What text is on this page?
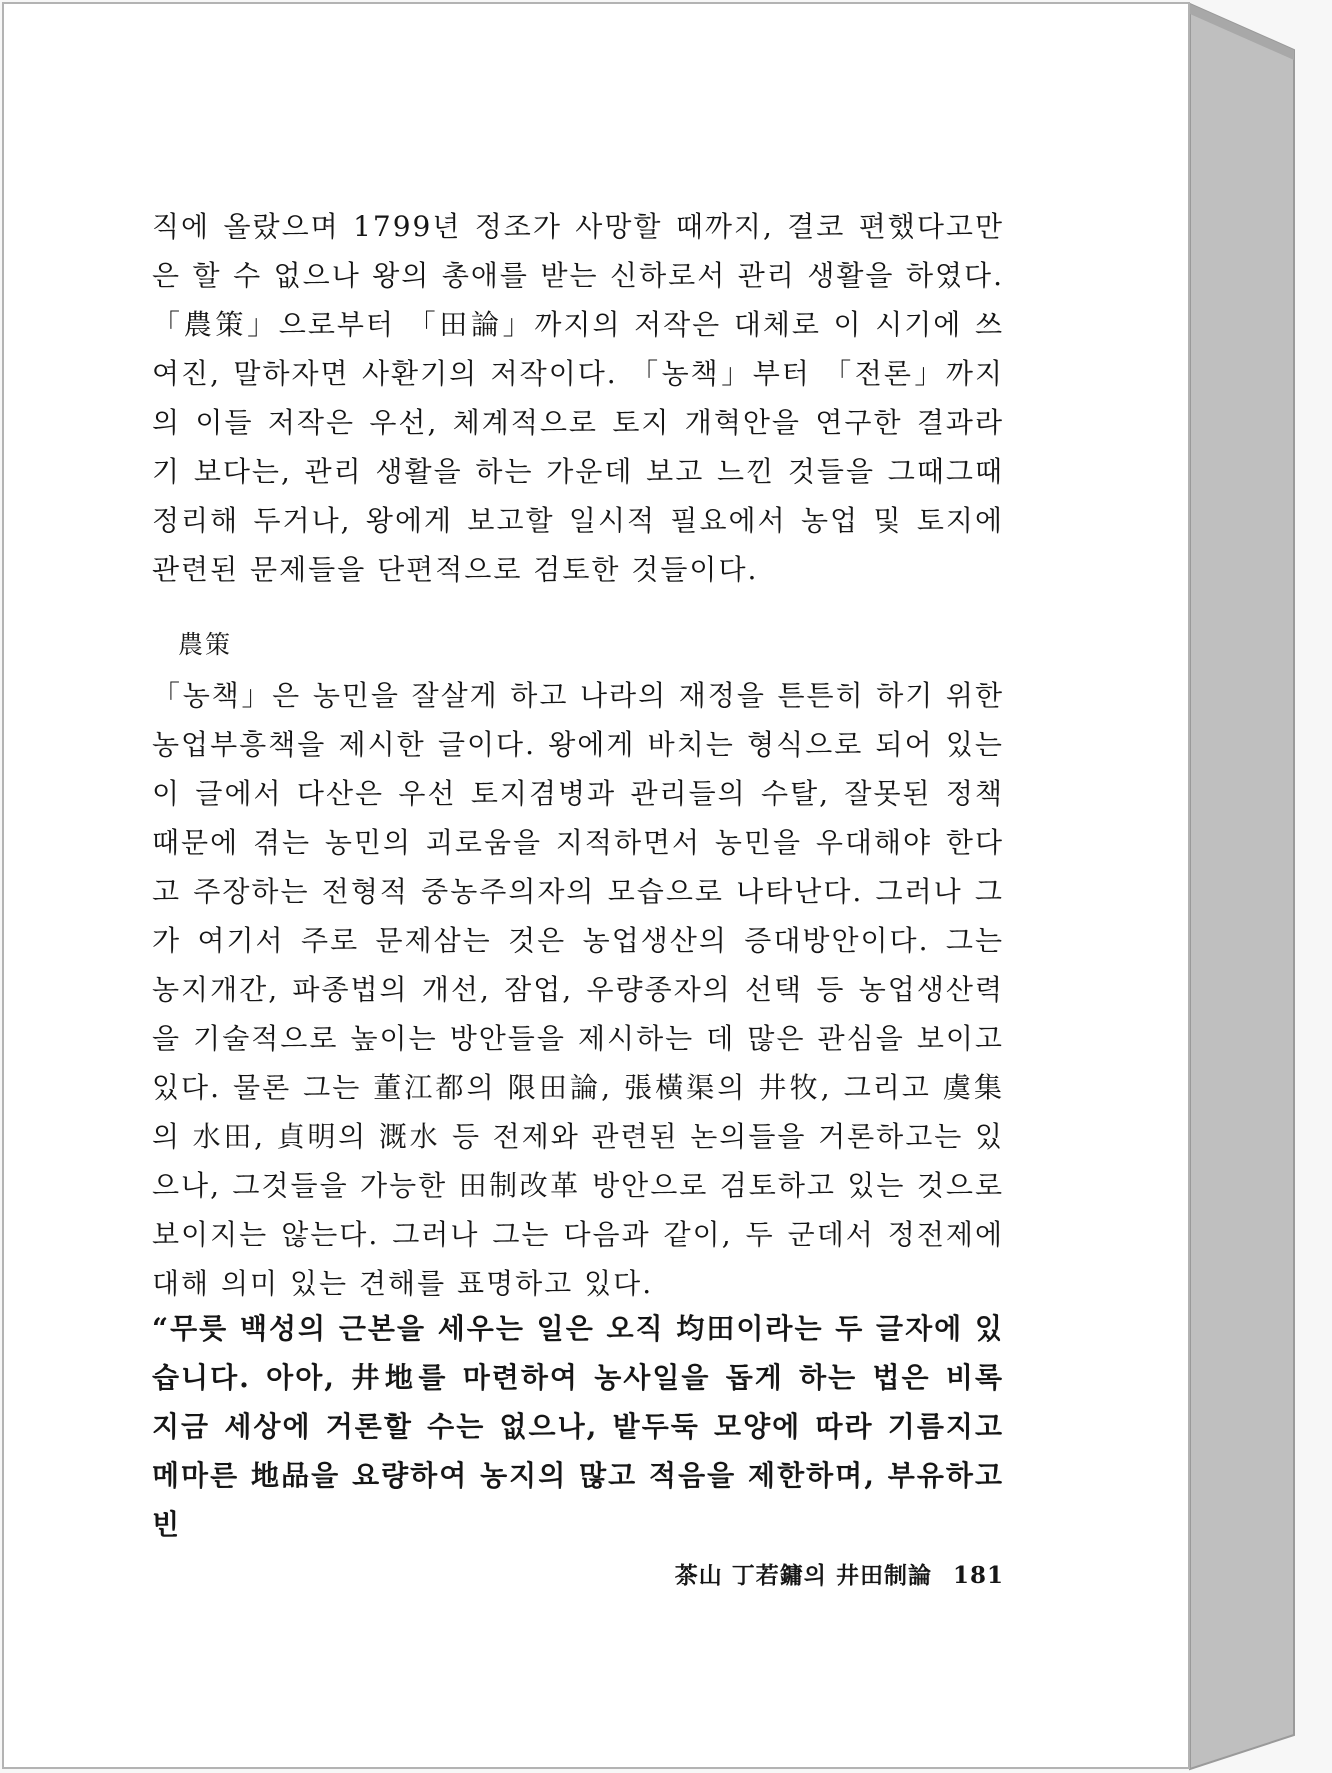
직에 올랐으며 1799년 정조가 사망할 때까지, 결코 편했다고만은 할 수 없으나 왕의 총애를 받는 신하로서 관리 생활을 하였다. 「農策」으로부터 「田論」까지의 저작은 대체로 이 시기에 쓰여진, 말하자면 사환기의 저작이다. 「농책」부터 「전론」까지의 이들 저작은 우선, 체계적으로 토지 개혁안을 연구한 결과라기 보다는, 관리 생활을 하는 가운데 보고 느낀 것들을 그때그때 정리해 두거나, 왕에게 보고할 일시적 필요에서 농업 및 토지에 관련된 문제들을 단편적으로 검토한 것들이다.
農策
「농책」은 농민을 잘살게 하고 나라의 재정을 튼튼히 하기 위한 농업부흥책을 제시한 글이다. 왕에게 바치는 형식으로 되어 있는 이 글에서 다산은 우선 토지겸병과 관리들의 수탈, 잘못된 정책 때문에 겪는 농민의 괴로움을 지적하면서 농민을 우대해야 한다고 주장하는 전형적 중농주의자의 모습으로 나타난다. 그러나 그가 여기서 주로 문제삼는 것은 농업생산의 증대방안이다. 그는 농지개간, 파종법의 개선, 잠업, 우량종자의 선택 등 농업생산력을 기술적으로 높이는 방안들을 제시하는 데 많은 관심을 보이고 있다. 물론 그는 董江都의 限田論, 張橫渠의 井牧, 그리고 虞集의 水田, 貞明의 溉水 등 전제와 관련된 논의들을 거론하고는 있으나, 그것들을 가능한 田制改革 방안으로 검토하고 있는 것으로 보이지는 않는다. 그러나 그는 다음과 같이, 두 군데서 정전제에 대해 의미 있는 견해를 표명하고 있다.
“무릇 백성의 근본을 세우는 일은 오직 均田이라는 두 글자에 있습니다. 아아, 井地를 마련하여 농사일을 돕게 하는 법은 비록 지금 세상에 거론할 수는 없으나, 밭두둑 모양에 따라 기름지고 메마른 地品을 요량하여 농지의 많고 적음을 제한하며, 부유하고 빈
茶山 丁若鏞의 井田制論 181
